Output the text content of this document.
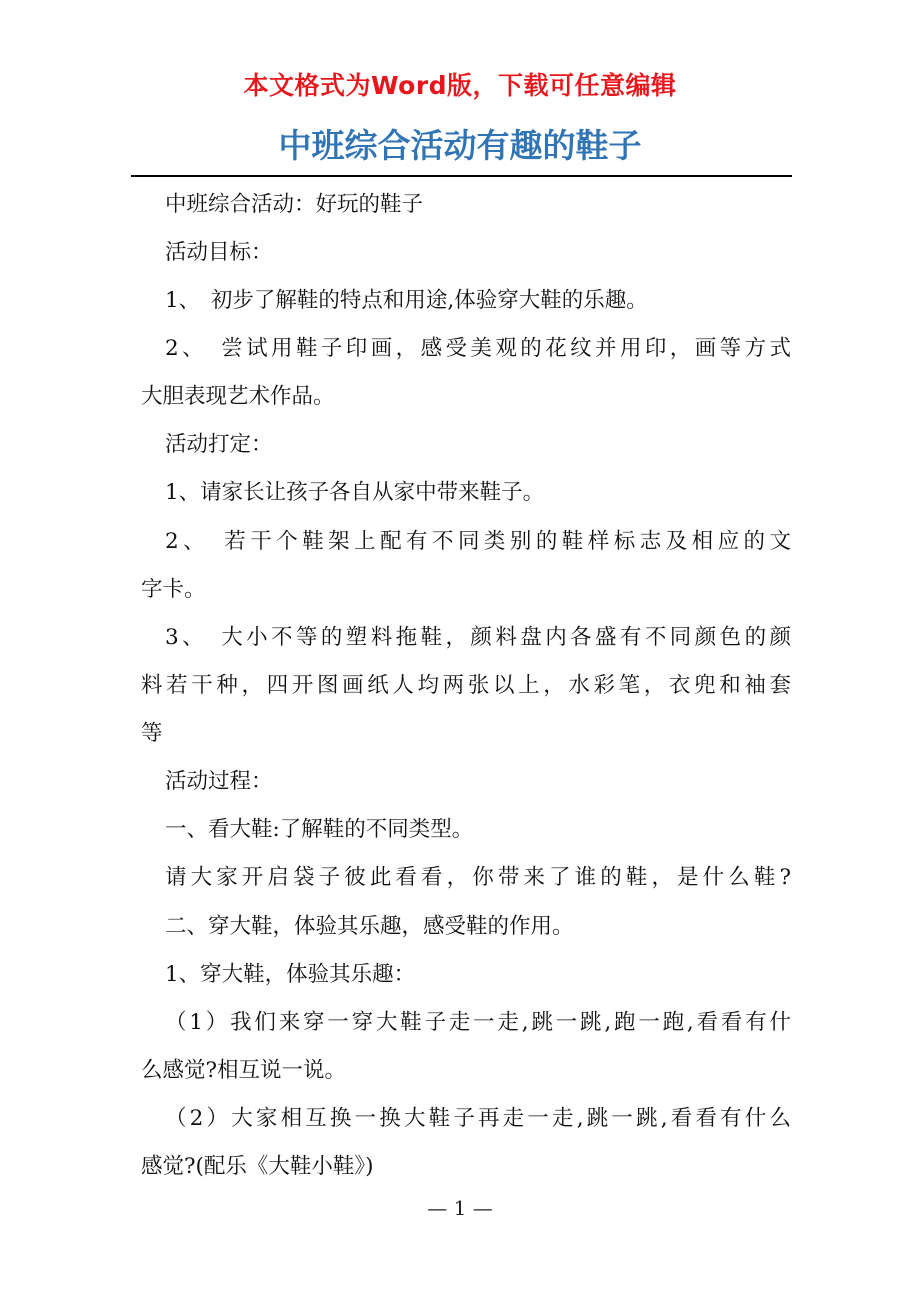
本文格式为Word版，下载可任意编辑
中班综合活动有趣的鞋子
中班综合活动：好玩的鞋子
活动目标：
1、　初步了解鞋的特点和用途,体验穿大鞋的乐趣。
2、　尝试用鞋子印画，感受美观的花纹并用印，画等方式
大胆表现艺术作品。
活动打定：
1、请家长让孩子各自从家中带来鞋子。
2、　若干个鞋架上配有不同类别的鞋样标志及相应的文
字卡。
3、　大小不等的塑料拖鞋，颜料盘内各盛有不同颜色的颜
料若干种，四开图画纸人均两张以上，水彩笔，衣兜和袖套
等
活动过程：
一、看大鞋:了解鞋的不同类型。
请大家开启袋子彼此看看，你带来了谁的鞋，是什么鞋?
二、穿大鞋，体验其乐趣，感受鞋的作用。
1、穿大鞋，体验其乐趣：
（1）我们来穿一穿大鞋子走一走,跳一跳,跑一跑,看看有什
么感觉?相互说一说。
（2）大家相互换一换大鞋子再走一走,跳一跳,看看有什么
感觉?(配乐《大鞋小鞋》)
— 1 —
